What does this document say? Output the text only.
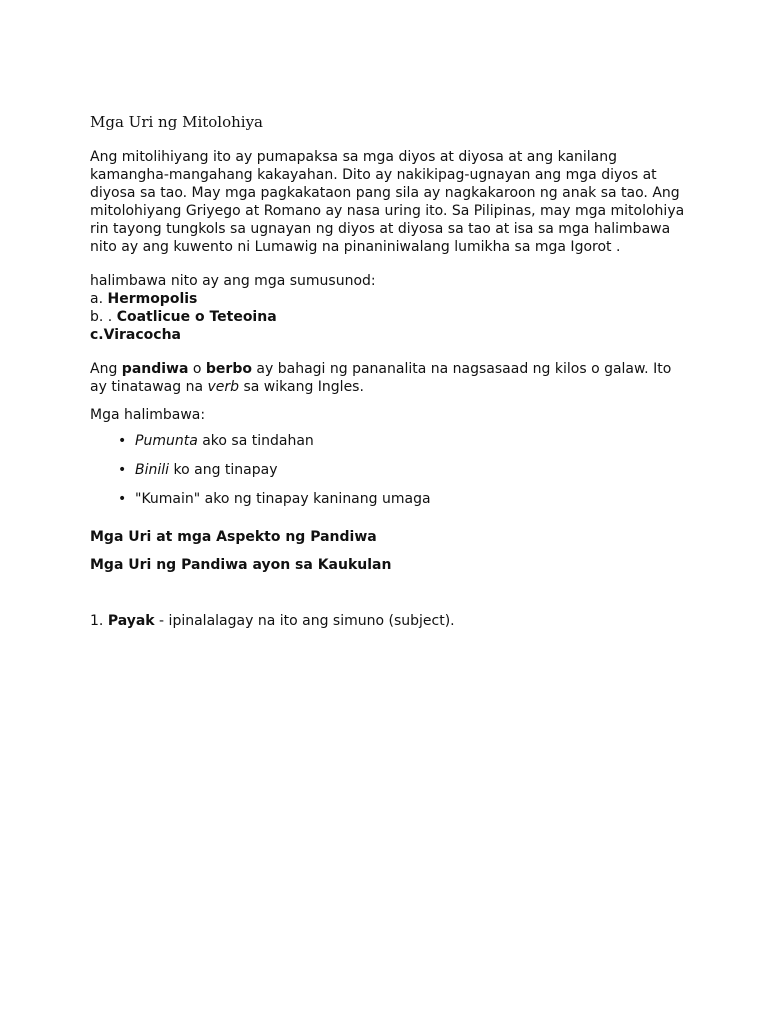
Mga Uri ng Mitolohiya

Ang mitolihiyang ito ay pumapaksa sa mga diyos at diyosa at ang kanilang

kamangha-mangahang kakayahan. Dito ay nakikipag-ugnayan ang mga diyos at

diyosa sa tao. May mga pagkakataon pang sila ay nagkakaroon ng anak sa tao. Ang

mitolohiyang Griyego at Romano ay nasa uring ito. Sa Pilipinas, may mga mitolohiya

rin tayong tungkols sa ugnayan ng diyos at diyosa sa tao at isa sa mga halimbawa

nito ay ang kuwento ni Lumawig na pinaniniwalang lumikha sa mga Igorot .

halimbawa nito ay ang mga sumusunod:

a. Hermopolis

b. . Coatlicue o Teteoina

c.Viracocha

Ang pandiwa o berbo ay bahagi ng pananalita na nagsasaad ng kilos o galaw. Ito

ay tinatawag na verb sa wikang Ingles.

Mga halimbawa:

• Pumunta ako sa tindahan
• Binili ko ang tinapay
• "Kumain" ako ng tinapay kaninang umaga

Mga Uri at mga Aspekto ng Pandiwa

Mga Uri ng Pandiwa ayon sa Kaukulan

1. Payak - ipinalalagay na ito ang simuno (subject).
